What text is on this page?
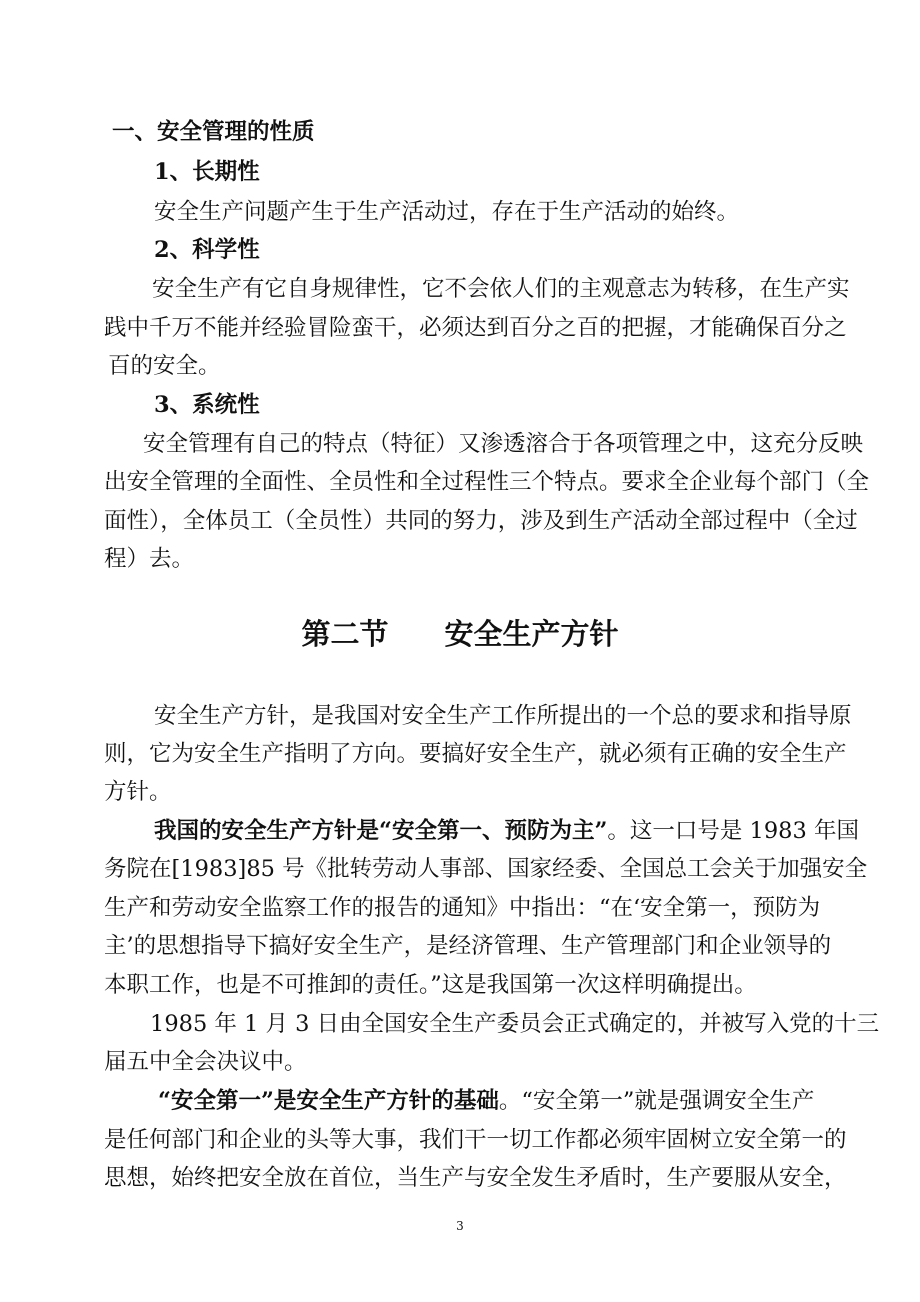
一、安全管理的性质

1、长期性

安全生产问题产生于生产活动过，存在于生产活动的始终。

2、科学性

安全生产有它自身规律性，它不会依人们的主观意志为转移，在生产实

践中千万不能并经验冒险蛮干，必须达到百分之百的把握，才能确保百分之

百的安全。

3、系统性

安全管理有自己的特点（特征）又渗透溶合于各项管理之中，这充分反映

出安全管理的全面性、全员性和全过程性三个特点。要求全企业每个部门（全

面性），全体员工（全员性）共同的努力，涉及到生产活动全部过程中（全过

程）去。

第二节 安全生产方针

安全生产方针，是我国对安全生产工作所提出的一个总的要求和指导原

则，它为安全生产指明了方向。要搞好安全生产，就必须有正确的安全生产

方针。

我国的安全生产方针是“安全第一、预防为主”。这一口号是 1983 年国

务院在[1983]85 号《批转劳动人事部、国家经委、全国总工会关于加强安全

生产和劳动安全监察工作的报告的通知》中指出：“在‘安全第一，预防为

主’的思想指导下搞好安全生产，是经济管理、生产管理部门和企业领导的

本职工作，也是不可推卸的责任。”这是我国第一次这样明确提出。

1985 年 1 月 3 日由全国安全生产委员会正式确定的，并被写入党的十三

届五中全会决议中。

“安全第一”是安全生产方针的基础。“安全第一”就是强调安全生产

是任何部门和企业的头等大事，我们干一切工作都必须牢固树立安全第一的

思想，始终把安全放在首位，当生产与安全发生矛盾时，生产要服从安全，

3
